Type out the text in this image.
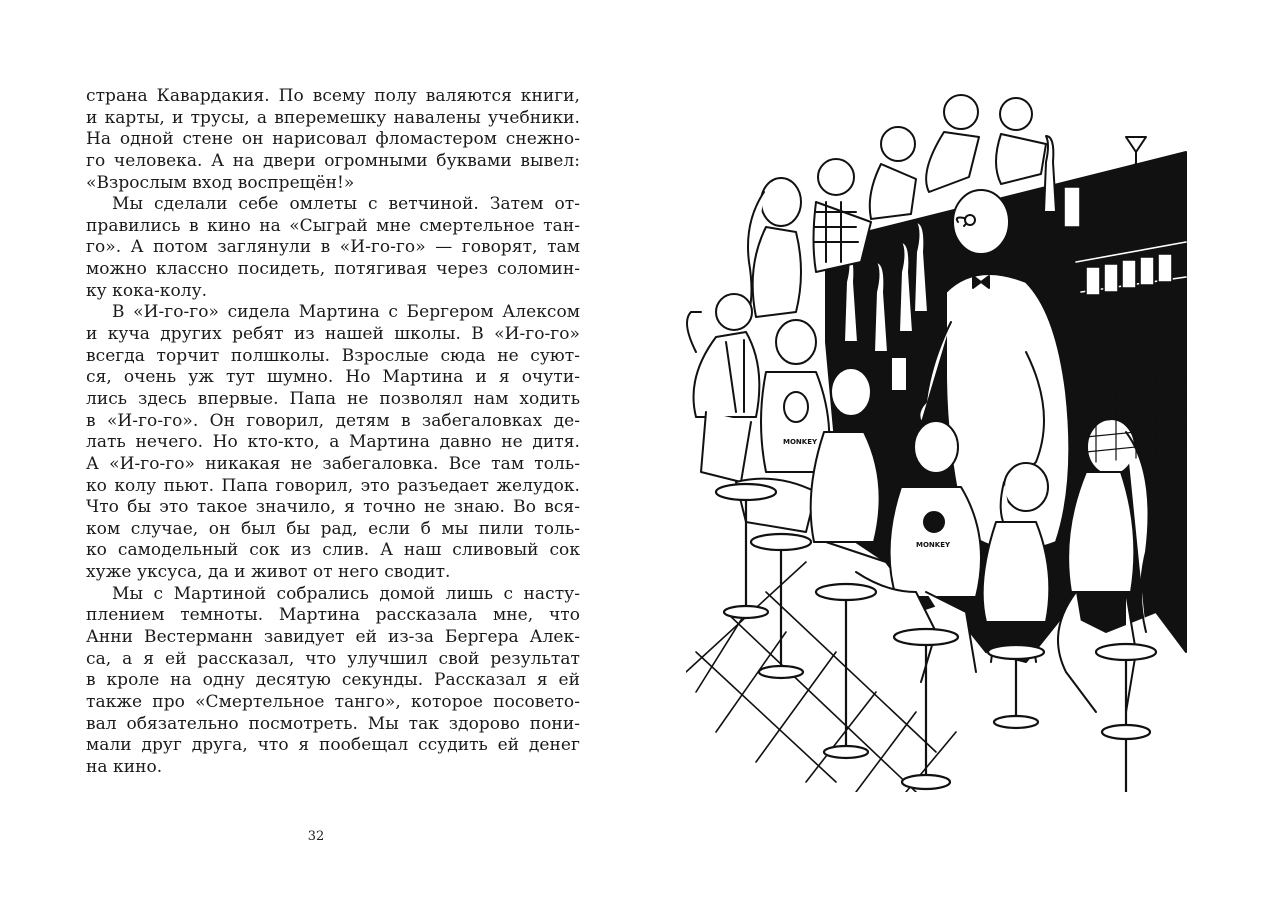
страна Кавардакия. По всему полу валяются книги,
и карты, и трусы, а вперемешку навалены учебники.
На одной стене он нарисовал фломастером снежно-
го человека. А на двери огромными буквами вывел:
«Взрослым вход воспрещён!»
Мы сделали себе омлеты с ветчиной. Затем от-
правились в кино на «Сыграй мне смертельное тан-
го». А потом заглянули в «И-го-го» — говорят, там
можно классно посидеть, потягивая через соломин-
ку кока-колу.
В «И-го-го» сидела Мартина с Бергером Алексом
и куча других ребят из нашей школы. В «И-го-го»
всегда торчит полшколы. Взрослые сюда не суют-
ся, очень уж тут шумно. Но Мартина и я очути-
лись здесь впервые. Папа не позволял нам ходить
в «И-го-го». Он говорил, детям в забегаловках де-
лать нечего. Но кто-кто, а Мартина давно не дитя.
А «И-го-го» никакая не забегаловка. Все там толь-
ко колу пьют. Папа говорил, это разъедает желудок.
Что бы это такое значило, я точно не знаю. Во вся-
ком случае, он был бы рад, если б мы пили толь-
ко самодельный сок из слив. А наш сливовый сок
хуже уксуса, да и живот от него сводит.
Мы с Мартиной собрались домой лишь с насту-
плением темноты. Мартина рассказала мне, что
Анни Вестерманн завидует ей из-за Бергера Алек-
са, а я ей рассказал, что улучшил свой результат
в кроле на одну десятую секунды. Рассказал я ей
также про «Смертельное танго», которое посовето-
вал обязательно посмотреть. Мы так здорово пони-
мали друг друга, что я пообещал ссудить ей денег
на кино.
32
MONKEY
MONKEY
